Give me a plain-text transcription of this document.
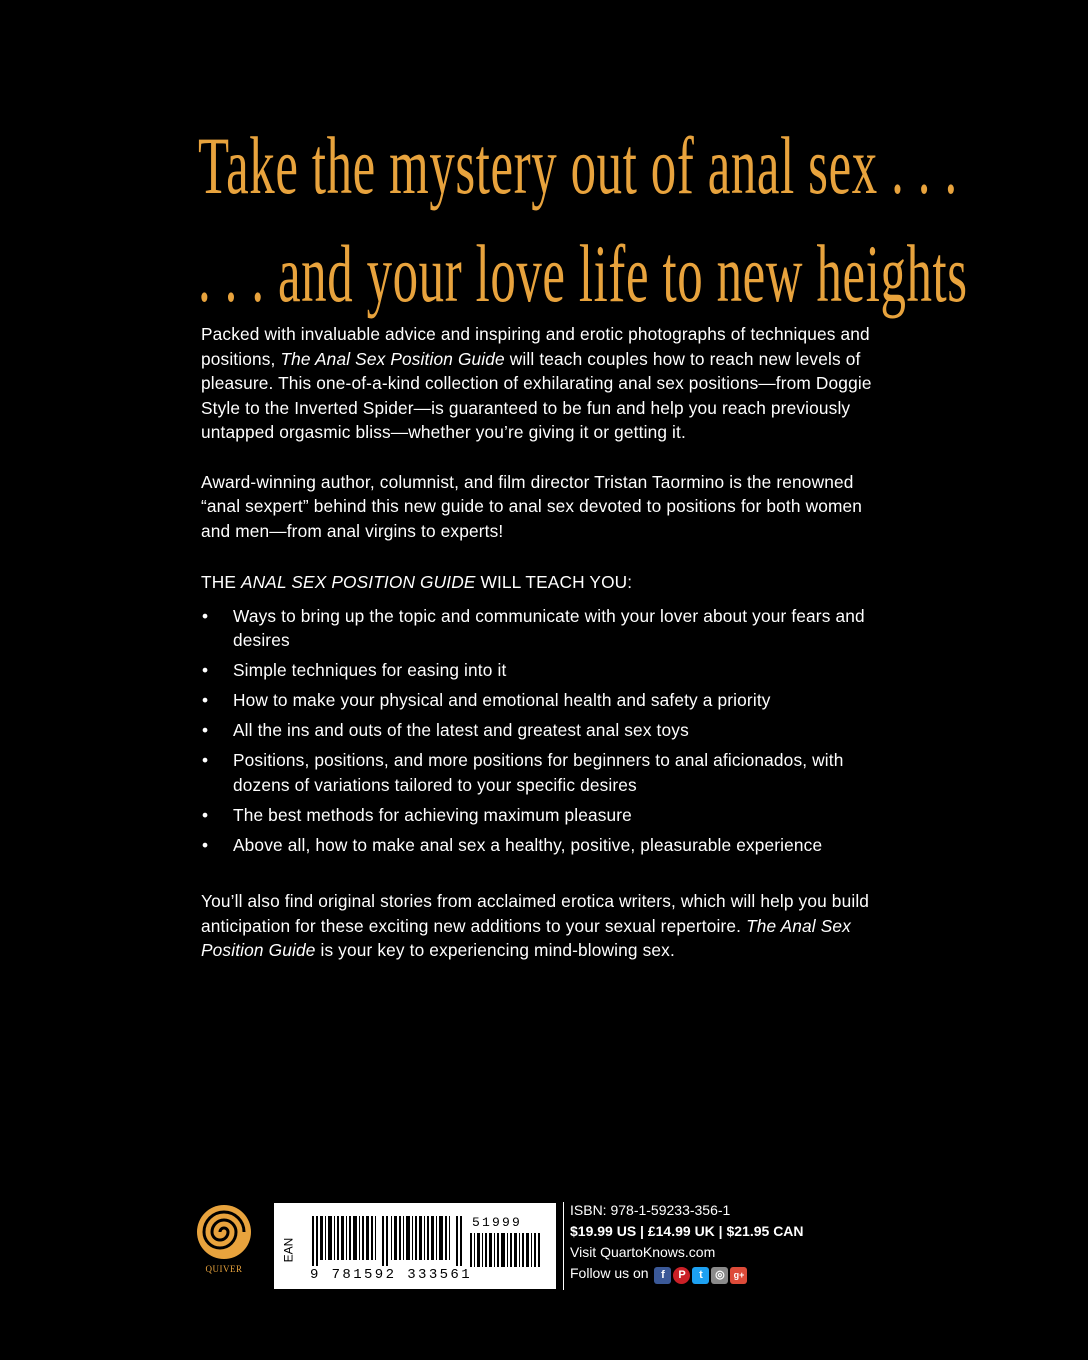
Take the mystery out of anal sex . . .
. . . and your love life to new heights

Packed with invaluable advice and inspiring and erotic photographs of techniques and positions, The Anal Sex Position Guide will teach couples how to reach new levels of pleasure. This one-of-a-kind collection of exhilarating anal sex positions—from Doggie Style to the Inverted Spider—is guaranteed to be fun and help you reach previously untapped orgasmic bliss—whether you’re giving it or getting it.

Award-winning author, columnist, and film director Tristan Taormino is the renowned “anal sexpert” behind this new guide to anal sex devoted to positions for both women and men—from anal virgins to experts!

THE ANAL SEX POSITION GUIDE WILL TEACH YOU:

• Ways to bring up the topic and communicate with your lover about your fears and desires
• Simple techniques for easing into it
• How to make your physical and emotional health and safety a priority
• All the ins and outs of the latest and greatest anal sex toys
• Positions, positions, and more positions for beginners to anal aficionados, with dozens of variations tailored to your specific desires
• The best methods for achieving maximum pleasure
• Above all, how to make anal sex a healthy, positive, pleasurable experience

You’ll also find original stories from acclaimed erotica writers, which will help you build anticipation for these exciting new additions to your sexual repertoire. The Anal Sex Position Guide is your key to experiencing mind-blowing sex.

QUIVER
EAN
9 781592 333561
51999
ISBN: 978-1-59233-356-1
$19.99 US | £14.99 UK | $21.95 CAN
Visit QuartoKnows.com
Follow us on f P t ◎ g+
